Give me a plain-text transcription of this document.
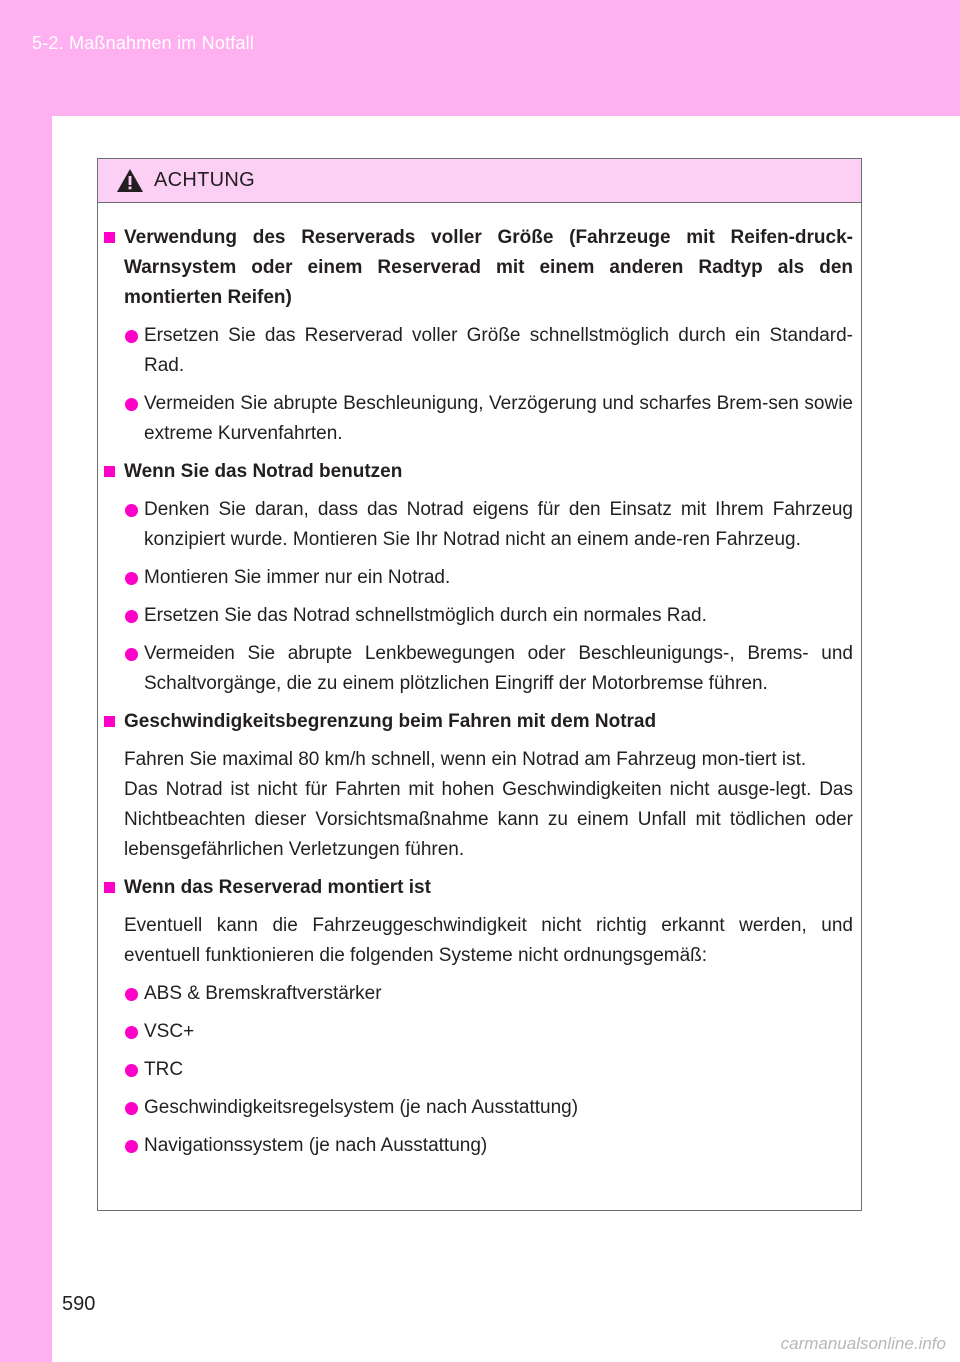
5-2. Maßnahmen im Notfall
ACHTUNG
Verwendung des Reserverads voller Größe (Fahrzeuge mit Reifen-druck-Warnsystem oder einem Reserverad mit einem anderen Radtyp als den montierten Reifen)
Ersetzen Sie das Reserverad voller Größe schnellstmöglich durch ein Standard-Rad.
Vermeiden Sie abrupte Beschleunigung, Verzögerung und scharfes Brem-sen sowie extreme Kurvenfahrten.
Wenn Sie das Notrad benutzen
Denken Sie daran, dass das Notrad eigens für den Einsatz mit Ihrem Fahrzeug konzipiert wurde. Montieren Sie Ihr Notrad nicht an einem ande-ren Fahrzeug.
Montieren Sie immer nur ein Notrad.
Ersetzen Sie das Notrad schnellstmöglich durch ein normales Rad.
Vermeiden Sie abrupte Lenkbewegungen oder Beschleunigungs-, Brems- und Schaltvorgänge, die zu einem plötzlichen Eingriff der Motorbremse führen.
Geschwindigkeitsbegrenzung beim Fahren mit dem Notrad
Fahren Sie maximal 80 km/h schnell, wenn ein Notrad am Fahrzeug mon-tiert ist.
Das Notrad ist nicht für Fahrten mit hohen Geschwindigkeiten nicht ausge-legt. Das Nichtbeachten dieser Vorsichtsmaßnahme kann zu einem Unfall mit tödlichen oder lebensgefährlichen Verletzungen führen.
Wenn das Reserverad montiert ist
Eventuell kann die Fahrzeuggeschwindigkeit nicht richtig erkannt werden, und eventuell funktionieren die folgenden Systeme nicht ordnungsgemäß:
ABS & Bremskraftverstärker
VSC+
TRC
Geschwindigkeitsregelsystem (je nach Ausstattung)
Navigationssystem (je nach Ausstattung)
590
carmanualsonline.info
